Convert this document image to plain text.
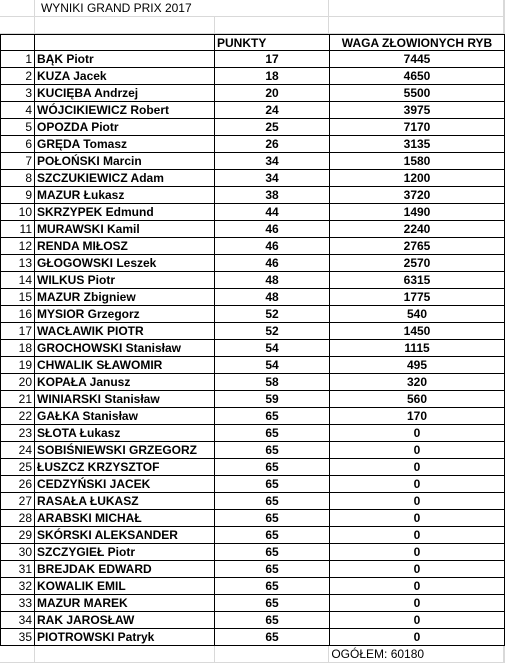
WYNIKI GRAND PRIX 2017
PUNKTY	WAGA ZŁOWIONYCH RYB
1 BĄK Piotr	17	7445
2 KUZA Jacek	18	4650
3 KUCIĘBA Andrzej	20	5500
4 WÓJCIKIEWICZ Robert	24	3975
5 OPOZDA Piotr	25	7170
6 GRĘDA Tomasz	26	3135
7 POŁOŃSKI Marcin	34	1580
8 SZCZUKIEWICZ Adam	34	1200
9 MAZUR Łukasz	38	3720
10 SKRZYPEK Edmund	44	1490
11 MURAWSKI Kamil	46	2240
12 RENDA MIŁOSZ	46	2765
13 GŁOGOWSKI Leszek	46	2570
14 WILKUS Piotr	48	6315
15 MAZUR Zbigniew	48	1775
16 MYSIOR Grzegorz	52	540
17 WACŁAWIK PIOTR	52	1450
18 GROCHOWSKI Stanisław	54	1115
19 CHWALIK SŁAWOMIR	54	495
20 KOPAŁA Janusz	58	320
21 WINIARSKI Stanisław	59	560
22 GAŁKA Stanisław	65	170
23 SŁOTA Łukasz	65	0
24 SOBIŚNIEWSKI GRZEGORZ	65	0
25 ŁUSZCZ KRZYSZTOF	65	0
26 CEDZYŃSKI JACEK	65	0
27 RASAŁA ŁUKASZ	65	0
28 ARABSKI MICHAŁ	65	0
29 SKÓRSKI ALEKSANDER	65	0
30 SZCZYGIEŁ Piotr	65	0
31 BREJDAK EDWARD	65	0
32 KOWALIK EMIL	65	0
33 MAZUR MAREK	65	0
34 RAK JAROSŁAW	65	0
35 PIOTROWSKI Patryk	65	0
OGÓŁEM: 60180
